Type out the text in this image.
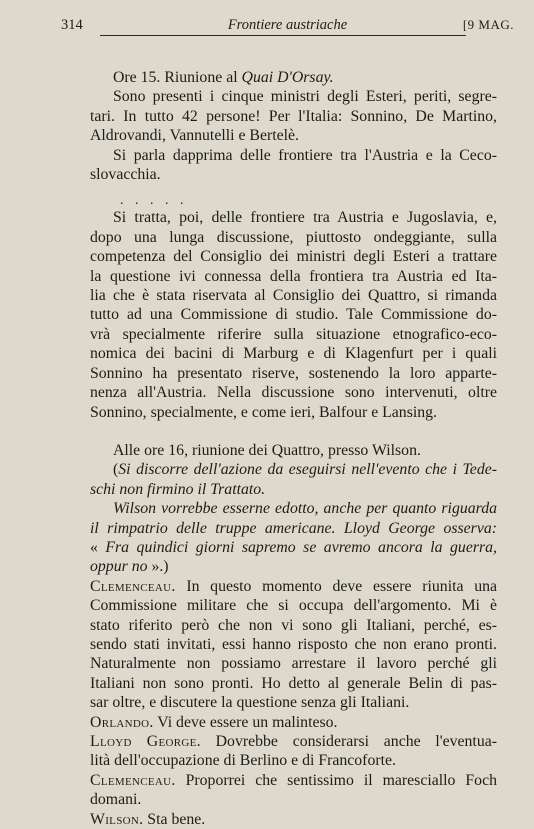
314	Frontiere austriache	[9 MAG.

Ore 15. Riunione al Quai D'Orsay.

Sono presenti i cinque ministri degli Esteri, periti, segre-
tari. In tutto 42 persone! Per l'Italia: Sonnino, De Martino,
Aldrovandi, Vannutelli e Bertelè.

Si parla dapprima delle frontiere tra l'Austria e la Ceco-
slovacchia.

. . . . .

Si tratta, poi, delle frontiere tra Austria e Jugoslavia, e,
dopo una lunga discussione, piuttosto ondeggiante, sulla
competenza del Consiglio dei ministri degli Esteri a trattare
la questione ivi connessa della frontiera tra Austria ed Ita-
lia che è stata riservata al Consiglio dei Quattro, si rimanda
tutto ad una Commissione di studio. Tale Commissione do-
vrà specialmente riferire sulla situazione etnografico-eco-
nomica dei bacini di Marburg e di Klagenfurt per i quali
Sonnino ha presentato riserve, sostenendo la loro apparte-
nenza all'Austria. Nella discussione sono intervenuti, oltre
Sonnino, specialmente, e come ieri, Balfour e Lansing.

Alle ore 16, riunione dei Quattro, presso Wilson.

(Si discorre dell'azione da eseguirsi nell'evento che i Tede-
schi non firmino il Trattato.

Wilson vorrebbe esserne edotto, anche per quanto riguarda
il rimpatrio delle truppe americane. Lloyd George osserva:
« Fra quindici giorni sapremo se avremo ancora la guerra,
oppur no ».)

Clemenceau. In questo momento deve essere riunita una
Commissione militare che si occupa dell'argomento. Mi è
stato riferito però che non vi sono gli Italiani, perché, es-
sendo stati invitati, essi hanno risposto che non erano pronti.
Naturalmente non possiamo arrestare il lavoro perché gli
Italiani non sono pronti. Ho detto al generale Belin di pas-
sar oltre, e discutere la questione senza gli Italiani.

Orlando. Vi deve essere un malinteso.

Lloyd George. Dovrebbe considerarsi anche l'eventua-
lità dell'occupazione di Berlino e di Francoforte.

Clemenceau. Proporrei che sentissimo il maresciallo Foch
domani.

Wilson. Sta bene.
